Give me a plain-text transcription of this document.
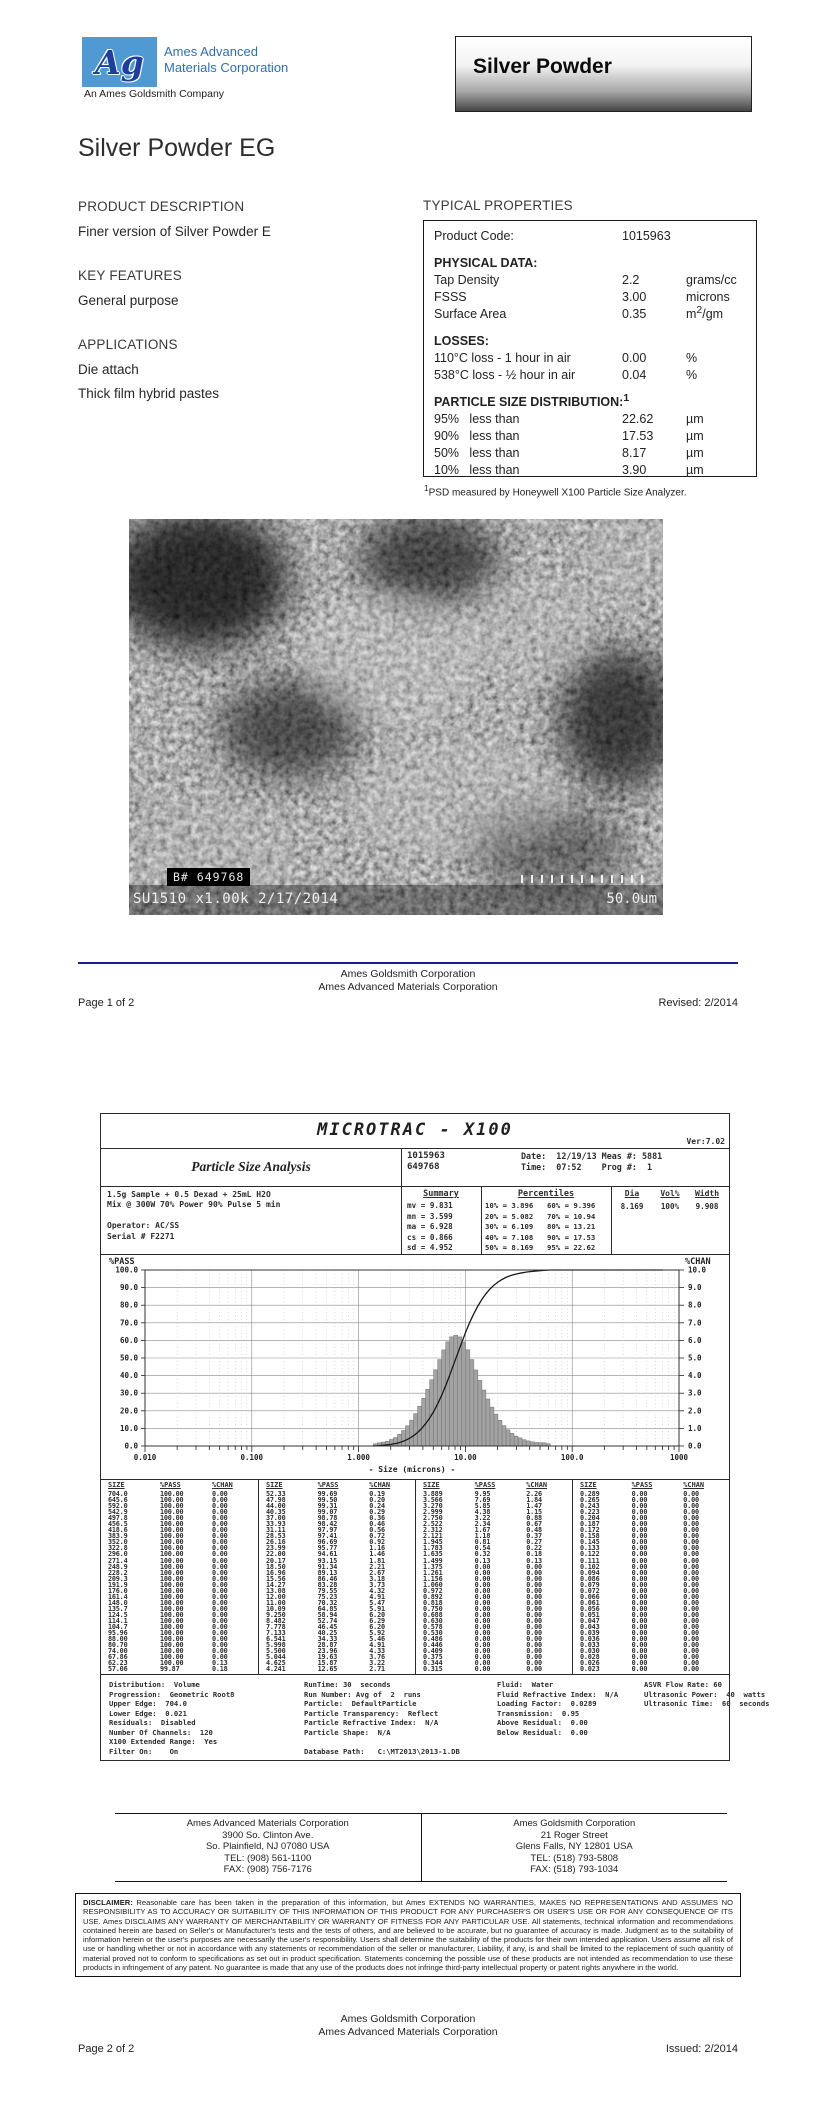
Ag Ames Advanced
Materials Corporation
An Ames Goldsmith Company
Silver Powder
Silver Powder EG
PRODUCT DESCRIPTION
Finer version of Silver Powder E
KEY FEATURES
General purpose
APPLICATIONS
Die attach
Thick film hybrid pastes
TYPICAL PROPERTIES
Product Code:	1015963
PHYSICAL DATA:
Tap Density	2.2	grams/cc
FSSS	3.00	microns
Surface Area	0.35	$m^2/gm$
LOSSES:
110°C loss - 1 hour in air	0.00	%
538°C loss - ½ hour in air	0.04	%
PARTICLE SIZE DISTRIBUTION:$^1$
95%   less than	22.62	µm
90%   less than	17.53	µm
50%   less than	8.17	µm
10%   less than	3.90	µm
$^1$PSD measured by Honeywell X100 Particle Size Analyzer.
B# 649768
SU1510 x1.00k 2/17/2014	50.0um
Ames Goldsmith Corporation
Ames Advanced Materials Corporation
Page 1 of 2	Revised: 2/2014
MICROTRAC - X100
Ver:7.02
Particle Size Analysis
1015963
649768
Date:  12/19/13 Meas #: 5881
Time:  07:52    Prog #:  1
1.5g Sample + 0.5 Dexad + 25mL H2O
Mix @ 300W 70% Power 90% Pulse 5 min

Operator: AC/SS
Serial # F2271
Summary
mv = 9.831
mn = 3.599
ma = 6.928
cs = 0.866
sd = 4.952
Percentiles
10% = 3.896	60% = 9.396
20% = 5.082	70% = 10.94
30% = 6.109	80% = 13.21
40% = 7.108	90% = 17.53
50% = 8.169	95% = 22.62
Dia	Vol%	Width
8.169	100%	9.908
0.0	0.0
10.0	1.0
20.0	2.0
30.0	3.0
40.0	4.0
50.0	5.0
60.0	6.0
70.0	7.0
80.0	8.0
90.0	9.0
100.0	10.0
%PASS	%CHAN
0.010	0.100	1.000	10.00	100.0	1000
- Size (microns) -
SIZE	%PASS	%CHAN
704.0	100.00	0.00
645.6	100.00	0.00
592.0	100.00	0.00
542.9	100.00	0.00
497.8	100.00	0.00
456.5	100.00	0.00
418.6	100.00	0.00
383.9	100.00	0.00
352.0	100.00	0.00
322.8	100.00	0.00
296.0	100.00	0.00
271.4	100.00	0.00
248.9	100.00	0.00
228.2	100.00	0.00
209.3	100.00	0.00
191.9	100.00	0.00
176.0	100.00	0.00
161.4	100.00	0.00
148.0	100.00	0.00
135.7	100.00	0.00
124.5	100.00	0.00
114.1	100.00	0.00
104.7	100.00	0.00
95.96	100.00	0.00
88.00	100.00	0.00
80.70	100.00	0.00
74.00	100.00	0.00
67.86	100.00	0.00
62.23	100.00	0.13
57.06	99.87	0.18
SIZE	%PASS	%CHAN
52.33	99.69	0.19
47.98	99.50	0.20
44.00	99.31	0.24
40.35	99.07	0.29
37.00	98.78	0.36
33.93	98.42	0.46
31.11	97.97	0.56
28.53	97.41	0.72
26.16	96.69	0.92
23.99	95.77	1.16
22.00	94.61	1.46
20.17	93.15	1.81
18.50	91.34	2.21
16.96	89.13	2.67
15.56	86.46	3.18
14.27	83.28	3.73
13.08	79.55	4.32
12.00	75.23	4.91
11.00	70.32	5.47
10.09	64.85	5.91
9.250	58.94	6.20
8.482	52.74	6.29
7.778	46.45	6.20
7.133	40.25	5.92
6.541	34.33	5.46
5.998	28.87	4.91
5.500	23.96	4.33
5.044	19.63	3.76
4.625	15.87	3.22
4.241	12.65	2.71
SIZE	%PASS	%CHAN
3.889	9.95	2.26
3.566	7.69	1.84
3.270	5.85	1.47
2.999	4.38	1.15
2.750	3.22	0.88
2.522	2.34	0.67
2.312	1.67	0.48
2.121	1.18	0.37
1.945	0.81	0.27
1.783	0.54	0.22
1.635	0.32	0.18
1.499	0.13	0.13
1.375	0.00	0.00
1.261	0.00	0.00
1.156	0.00	0.00
1.060	0.00	0.00
0.972	0.00	0.00
0.892	0.00	0.00
0.818	0.00	0.00
0.750	0.00	0.00
0.688	0.00	0.00
0.630	0.00	0.00
0.578	0.00	0.00
0.530	0.00	0.00
0.486	0.00	0.00
0.446	0.00	0.00
0.409	0.00	0.00
0.375	0.00	0.00
0.344	0.00	0.00
0.315	0.00	0.00
SIZE	%PASS	%CHAN
0.289	0.00	0.00
0.265	0.00	0.00
0.243	0.00	0.00
0.223	0.00	0.00
0.204	0.00	0.00
0.187	0.00	0.00
0.172	0.00	0.00
0.158	0.00	0.00
0.145	0.00	0.00
0.133	0.00	0.00
0.122	0.00	0.00
0.111	0.00	0.00
0.102	0.00	0.00
0.094	0.00	0.00
0.086	0.00	0.00
0.079	0.00	0.00
0.072	0.00	0.00
0.066	0.00	0.00
0.061	0.00	0.00
0.056	0.00	0.00
0.051	0.00	0.00
0.047	0.00	0.00
0.043	0.00	0.00
0.039	0.00	0.00
0.036	0.00	0.00
0.033	0.00	0.00
0.030	0.00	0.00
0.028	0.00	0.00
0.026	0.00	0.00
0.023	0.00	0.00
Distribution:  Volume
Progression:  Geometric Root8
Upper Edge:  704.0
Lower Edge:  0.021
Residuals:  Disabled
Number Of Channels:  120
X100 Extended Range:  Yes
Filter On:    On
RunTime: 30  seconds
Run Number: Avg of  2  runs
Particle:  DefaultParticle
Particle Transparency:  Reflect
Particle Refractive Index:  N/A
Particle Shape:  N/A

Database Path:   C:\MT2013\2013-1.DB
Fluid:  Water
Fluid Refractive Index:  N/A
Loading Factor:  0.0289
Transmission:  0.95
Above Residual:  0.00
Below Residual:  0.00
ASVR Flow Rate: 60
Ultrasonic Power:  40  watts
Ultrasonic Time:  60  seconds
Ames Advanced Materials Corporation
3900 So. Clinton Ave.
So. Plainfield, NJ 07080 USA
TEL: (908) 561-1100
FAX: (908) 756-7176
Ames Goldsmith Corporation
21 Roger Street
Glens Falls, NY 12801 USA
TEL: (518) 793-5808
FAX: (518) 793-1034
DISCLAIMER: Reasonable care has been taken in the preparation of this information, but Ames EXTENDS NO WARRANTIES, MAKES NO REPRESENTATIONS AND ASSUMES NO RESPONSIBILITY AS TO ACCURACY OR SUITABILITY OF THIS INFORMATION OF THIS PRODUCT FOR ANY PURCHASER'S OR USER'S USE OR FOR ANY CONSEQUENCE OF ITS USE. Ames DISCLAIMS ANY WARRANTY OF MERCHANTABILITY OR WARRANTY OF FITNESS FOR ANY PARTICULAR USE. All statements, technical information and recommendations contained herein are based on Seller's or Manufacturer's tests and the tests of others, and are believed to be accurate, but no guarantee of accuracy is made. Judgment as to the suitability of information herein or the user's purposes are necessarily the user's responsibility. Users shall determine the suitability of the products for their own intended application. Users assume all risk of use or handling whether or not in accordance with any statements or recommendation of the seller or manufacturer, Liability, if any, is and shall be limited to the replacement of such quantity of material proved not to conform to specifications as set out in product specification. Statements concerning the possible use of these products are not intended as recommendation to use these products in infringement of any patent. No guarantee is made that any use of the products does not infringe third-party intellectual property or patent rights anywhere in the world.
Ames Goldsmith Corporation
Ames Advanced Materials Corporation
Page 2 of 2	Issued: 2/2014
